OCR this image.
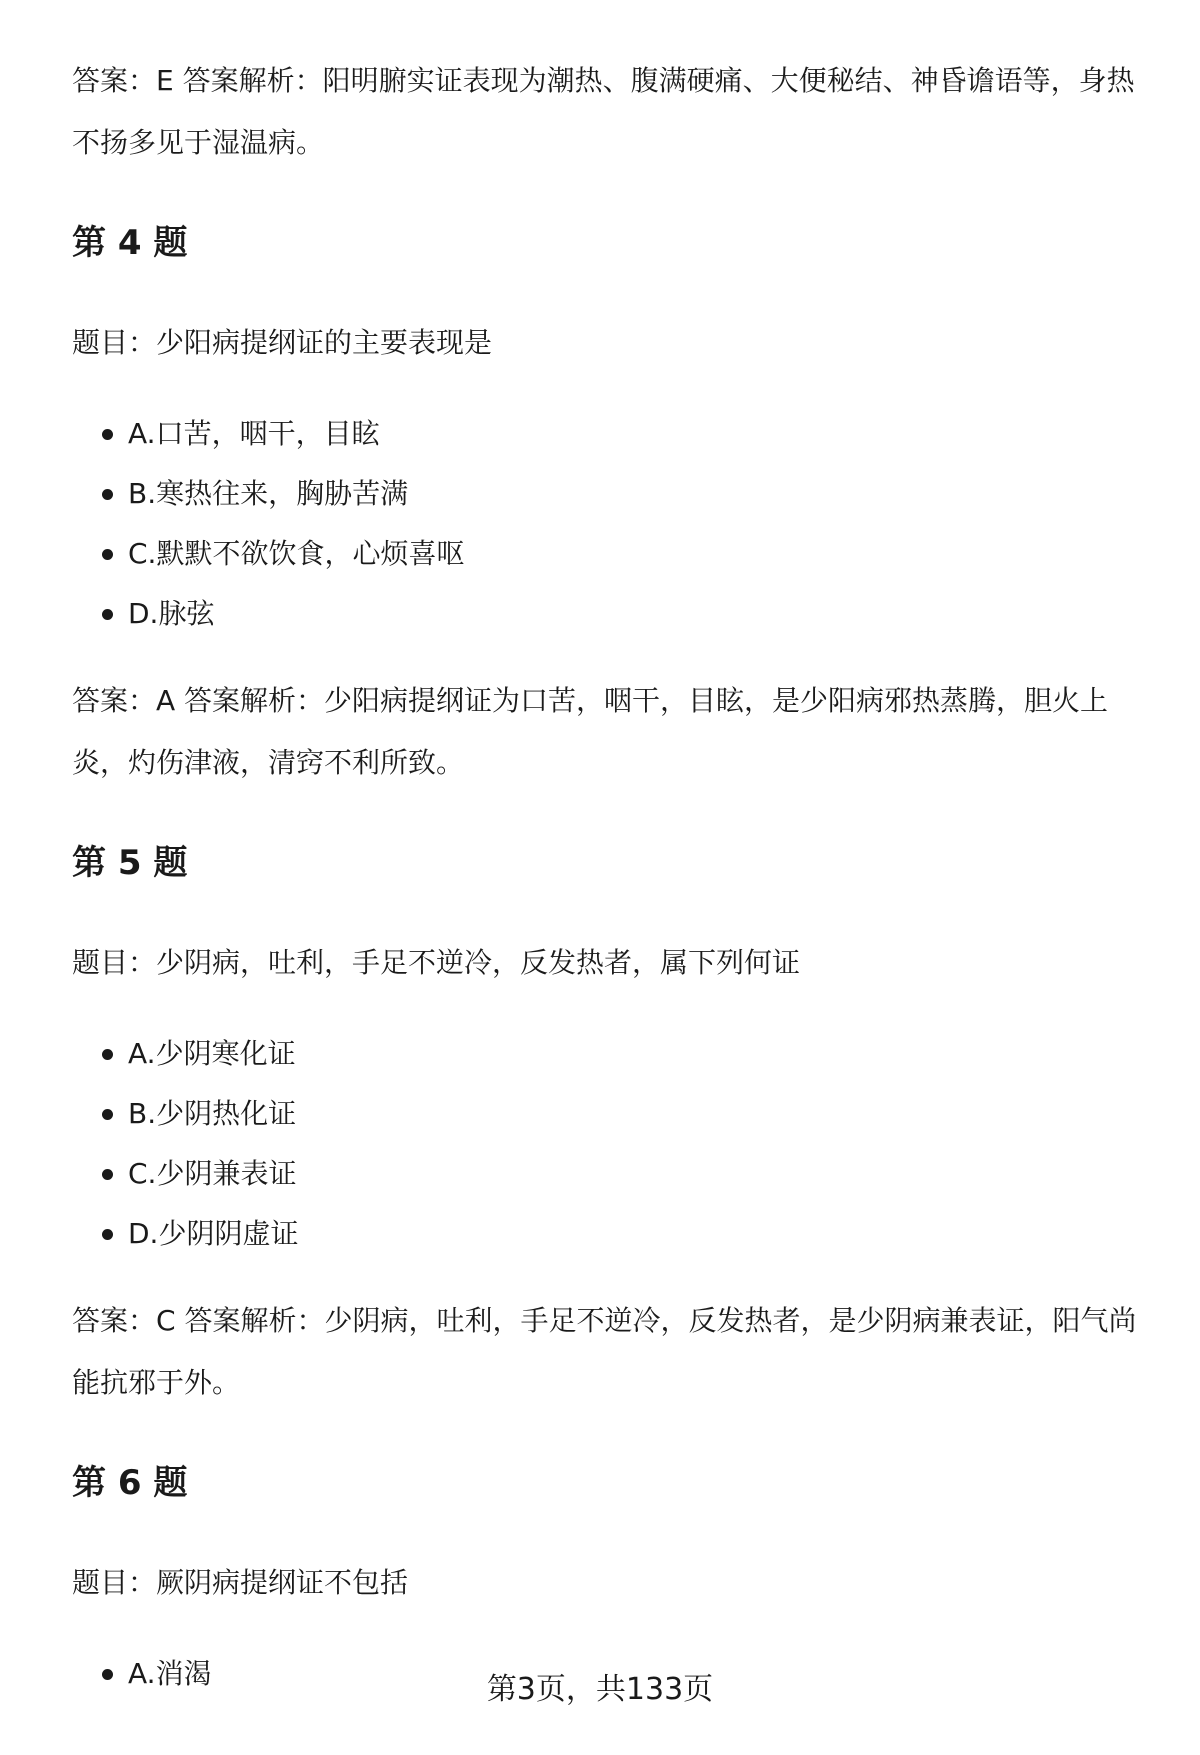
答案：E 答案解析：阳明腑实证表现为潮热、腹满硬痛、大便秘结、神昏谵语等，身热不扬多见于湿温病。

第 4 题

题目：少阳病提纲证的主要表现是

A.口苦，咽干，目眩
B.寒热往来，胸胁苦满
C.默默不欲饮食，心烦喜呕
D.脉弦

答案：A 答案解析：少阳病提纲证为口苦，咽干，目眩，是少阳病邪热蒸腾，胆火上炎，灼伤津液，清窍不利所致。

第 5 题

题目：少阴病，吐利，手足不逆冷，反发热者，属下列何证

A.少阴寒化证
B.少阴热化证
C.少阴兼表证
D.少阴阴虚证

答案：C 答案解析：少阴病，吐利，手足不逆冷，反发热者，是少阴病兼表证，阳气尚能抗邪于外。

第 6 题

题目：厥阴病提纲证不包括

A.消渴	第3页，共133页
